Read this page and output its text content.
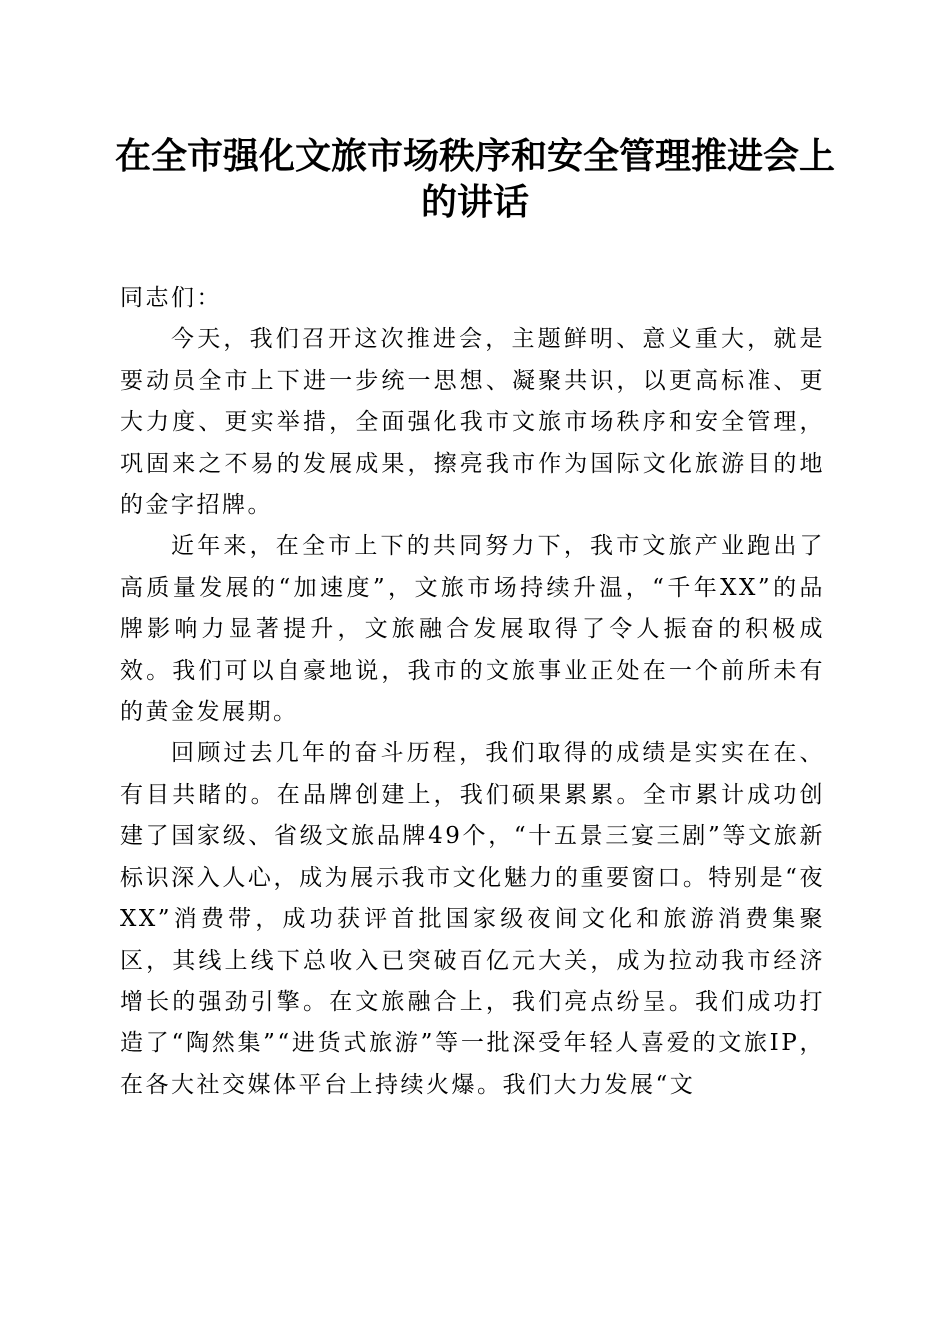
在全市强化文旅市场秩序和安全管理推进会上的讲话

同志们：

今天，我们召开这次推进会，主题鲜明、意义重大，就是要动员全市上下进一步统一思想、凝聚共识，以更高标准、更大力度、更实举措，全面强化我市文旅市场秩序和安全管理，巩固来之不易的发展成果，擦亮我市作为国际文化旅游目的地的金字招牌。

近年来，在全市上下的共同努力下，我市文旅产业跑出了高质量发展的“加速度”，文旅市场持续升温，“千年XX”的品牌影响力显著提升，文旅融合发展取得了令人振奋的积极成效。我们可以自豪地说，我市的文旅事业正处在一个前所未有的黄金发展期。

回顾过去几年的奋斗历程，我们取得的成绩是实实在在、有目共睹的。在品牌创建上，我们硕果累累。全市累计成功创建了国家级、省级文旅品牌49个，“十五景三宴三剧”等文旅新标识深入人心，成为展示我市文化魅力的重要窗口。特别是“夜XX”消费带，成功获评首批国家级夜间文化和旅游消费集聚区，其线上线下总收入已突破百亿元大关，成为拉动我市经济增长的强劲引擎。在文旅融合上，我们亮点纷呈。我们成功打造了“陶然集”“进货式旅游”等一批深受年轻人喜爱的文旅IP，在各大社交媒体平台上持续火爆。我们大力发展“文
